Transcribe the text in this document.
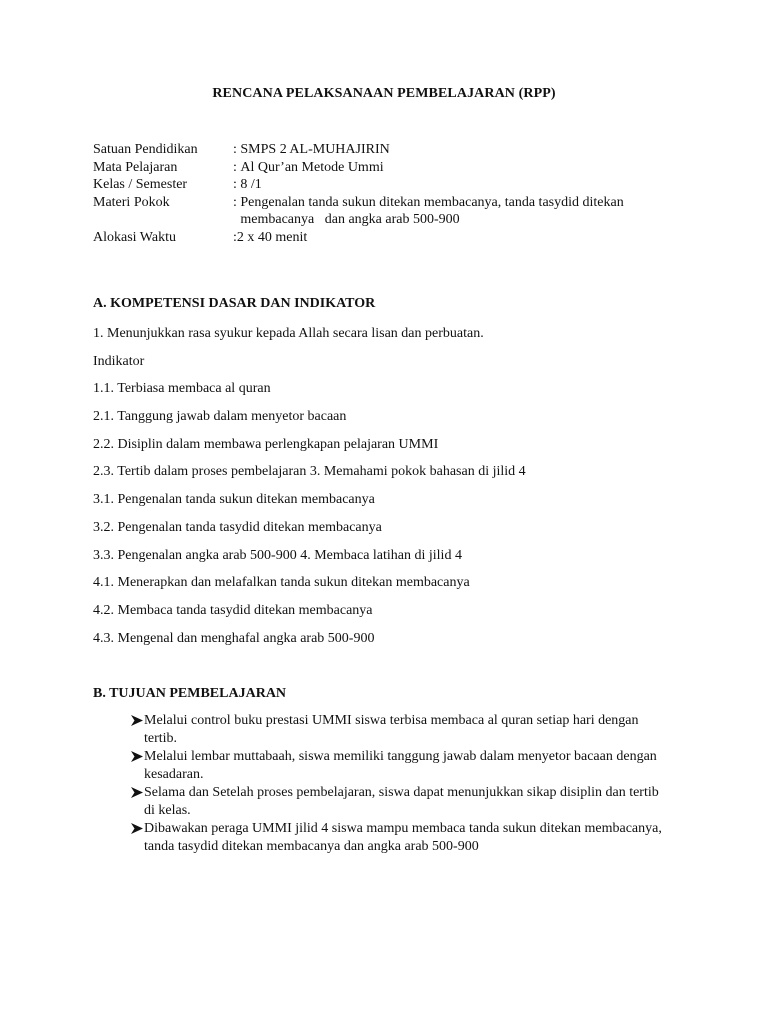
RENCANA PELAKSANAAN PEMBELAJARAN (RPP)
Satuan Pendidikan	: SMPS 2 AL-MUHAJIRIN
Mata Pelajaran	: Al Qur’an Metode Ummi
Kelas / Semester	: 8 /1
Materi Pokok	: Pengenalan tanda sukun ditekan membacanya, tanda tasydid ditekan membacanya   dan angka arab 500-900
Alokasi Waktu	: 2 x 40 menit
A. KOMPETENSI DASAR DAN INDIKATOR
1. Menunjukkan rasa syukur kepada Allah secara lisan dan perbuatan.
Indikator
1.1. Terbiasa membaca al quran
2.1. Tanggung jawab dalam menyetor bacaan
2.2. Disiplin dalam membawa perlengkapan pelajaran UMMI
2.3. Tertib dalam proses pembelajaran 3. Memahami pokok bahasan di jilid 4
3.1. Pengenalan tanda sukun ditekan membacanya
3.2. Pengenalan tanda tasydid ditekan membacanya
3.3. Pengenalan angka arab 500-900 4. Membaca latihan di jilid 4
4.1. Menerapkan dan melafalkan tanda sukun ditekan membacanya
4.2. Membaca tanda tasydid ditekan membacanya
4.3. Mengenal dan menghafal angka arab 500-900
B. TUJUAN PEMBELAJARAN
Melalui control buku prestasi UMMI siswa terbisa membaca al quran setiap hari dengan tertib.
Melalui lembar muttabaah, siswa memiliki tanggung jawab dalam menyetor bacaan dengan kesadaran.
Selama dan Setelah proses pembelajaran, siswa dapat menunjukkan sikap disiplin dan tertib di kelas.
Dibawakan peraga UMMI jilid 4 siswa mampu membaca tanda sukun ditekan membacanya, tanda tasydid ditekan membacanya dan angka arab 500-900
